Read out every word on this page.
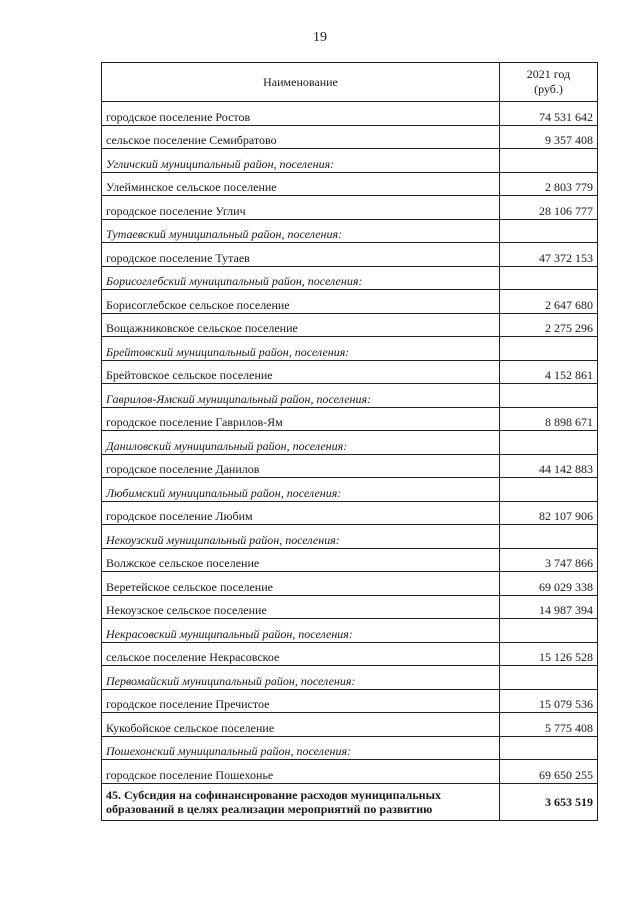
19
Наименование	2021 год
(руб.)
городское поселение Ростов	74 531 642
сельское поселение Семибратово	9 357 408
Угличский муниципальный район, поселения:	
Улейминское сельское поселение	2 803 779
городское поселение Углич	28 106 777
Тутаевский муниципальный район, поселения:	
городское поселение Тутаев	47 372 153
Борисоглебский муниципальный район, поселения:	
Борисоглебское сельское поселение	2 647 680
Вощажниковское сельское поселение	2 275 296
Брейтовский муниципальный район, поселения:	
Брейтовское сельское поселение	4 152 861
Гаврилов-Ямский муниципальный район, поселения:	
городское поселение Гаврилов-Ям	8 898 671
Даниловский муниципальный район, поселения:	
городское поселение Данилов	44 142 883
Любимский муниципальный район, поселения:	
городское поселение Любим	82 107 906
Некоузский муниципальный район, поселения:	
Волжское сельское поселение	3 747 866
Веретейское сельское поселение	69 029 338
Некоузское сельское поселение	14 987 394
Некрасовский муниципальный район, поселения:	
сельское поселение Некрасовское	15 126 528
Первомайский муниципальный район, поселения:	
городское поселение Пречистое	15 079 536
Кукобойское сельское поселение	5 775 408
Пошехонский муниципальный район, поселения:	
городское поселение Пошехонье	69 650 255
45. Субсидия на софинансирование расходов муниципальных образований в целях реализации мероприятий по развитию	3 653 519
